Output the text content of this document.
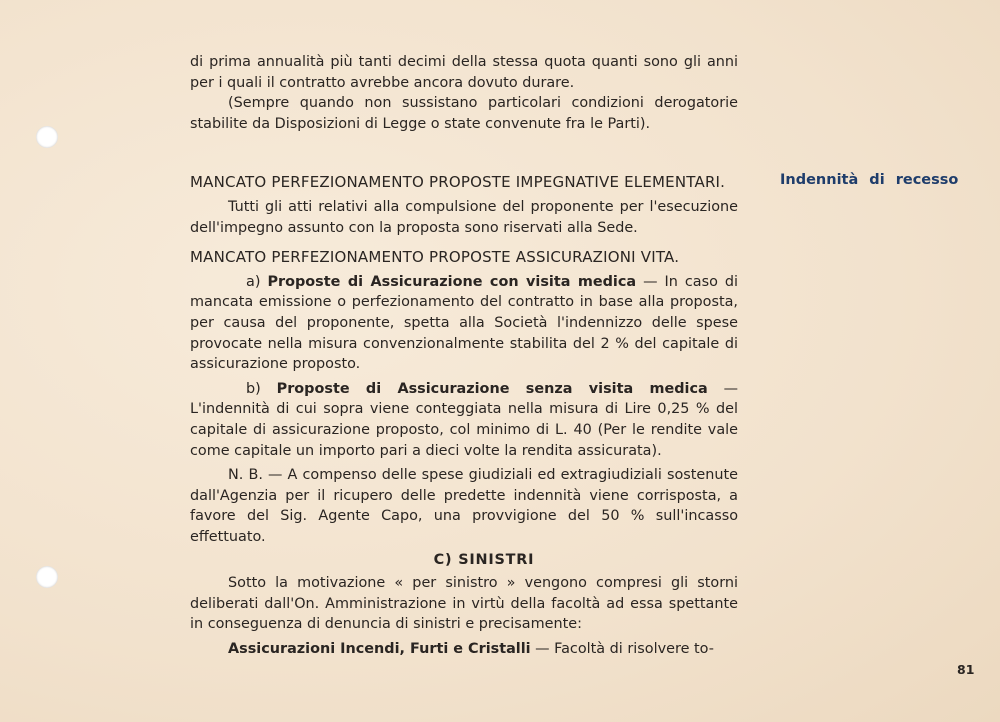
di prima annualità più tanti decimi della stessa quota quanti sono gli anni per i quali il contratto avrebbe ancora dovuto durare.

(Sempre quando non sussistano particolari condizioni derogatorie stabilite da Disposizioni di Legge o state convenute fra le Parti).

MANCATO PERFEZIONAMENTO PROPOSTE IMPEGNATIVE ELEMENTARI.

Tutti gli atti relativi alla compulsione del proponente per l'esecuzione dell'impegno assunto con la proposta sono riservati alla Sede.

MANCATO PERFEZIONAMENTO PROPOSTE ASSICURAZIONI VITA.

a) Proposte di Assicurazione con visita medica — In caso di mancata emissione o perfezionamento del contratto in base alla proposta, per causa del proponente, spetta alla Società l'indennizzo delle spese provocate nella misura convenzionalmente stabilita del 2 % del capitale di assicurazione proposto.

b) Proposte di Assicurazione senza visita medica — L'indennità di cui sopra viene conteggiata nella misura di Lire 0,25 % del capitale di assicurazione proposto, col minimo di L. 40 (Per le rendite vale come capitale un importo pari a dieci volte la rendita assicurata).

N. B. — A compenso delle spese giudiziali ed extragiudiziali sostenute dall'Agenzia per il ricupero delle predette indennità viene corrisposta, a favore del Sig. Agente Capo, una provvigione del 50 % sull'incasso effettuato.

C) SINISTRI

Sotto la motivazione « per sinistro » vengono compresi gli storni deliberati dall'On. Amministrazione in virtù della facoltà ad essa spettante in conseguenza di denuncia di sinistri e precisamente:

Assicurazioni Incendi, Furti e Cristalli — Facoltà di risolvere to-

Indennità di recesso
81
